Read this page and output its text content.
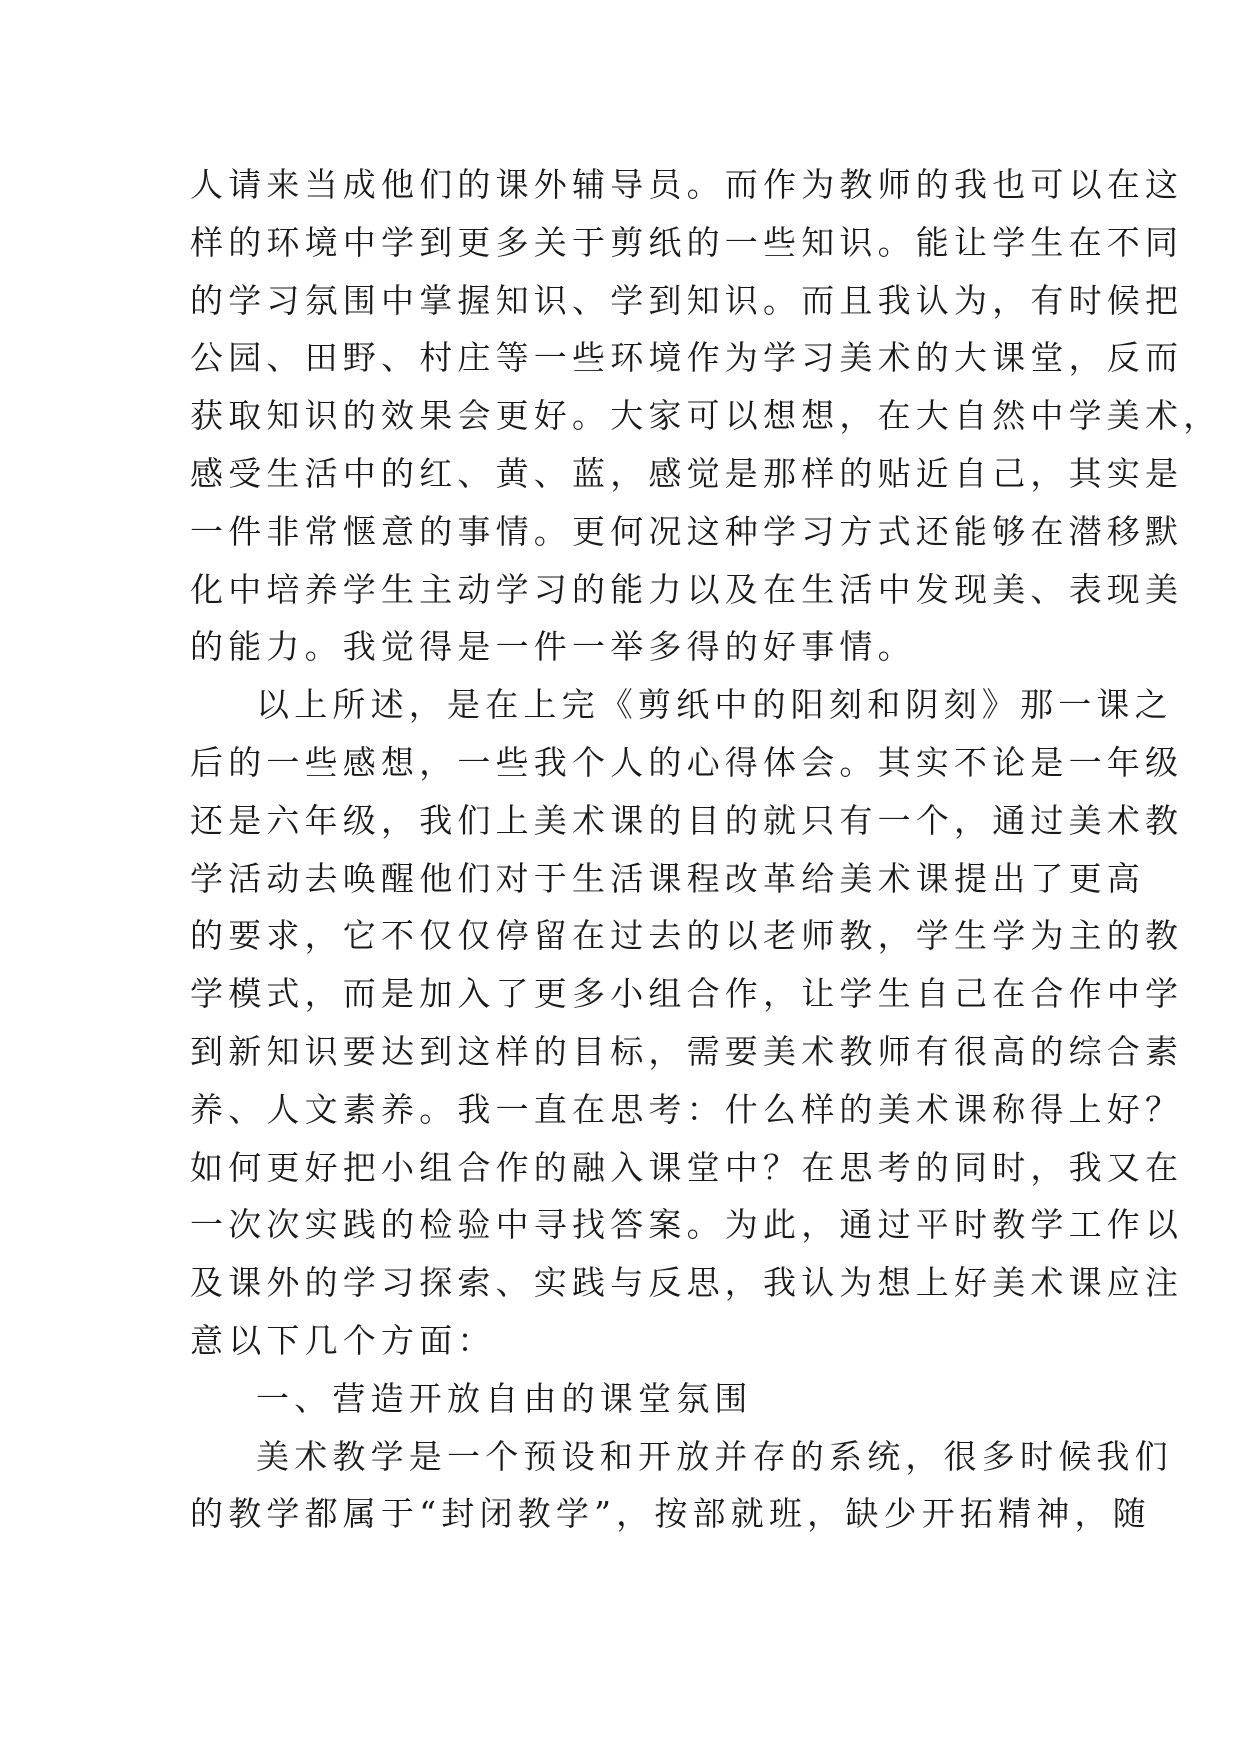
人请来当成他们的课外辅导员。而作为教师的我也可以在这
样的环境中学到更多关于剪纸的一些知识。能让学生在不同
的学习氛围中掌握知识、学到知识。而且我认为，有时候把
公园、田野、村庄等一些环境作为学习美术的大课堂，反而
获取知识的效果会更好。大家可以想想，在大自然中学美术，
感受生活中的红、黄、蓝，感觉是那样的贴近自己，其实是
一件非常惬意的事情。更何况这种学习方式还能够在潜移默
化中培养学生主动学习的能力以及在生活中发现美、表现美
的能力。我觉得是一件一举多得的好事情。
以上所述，是在上完《剪纸中的阳刻和阴刻》那一课之
后的一些感想，一些我个人的心得体会。其实不论是一年级
还是六年级，我们上美术课的目的就只有一个，通过美术教
学活动去唤醒他们对于生活课程改革给美术课提出了更高
的要求，它不仅仅停留在过去的以老师教，学生学为主的教
学模式，而是加入了更多小组合作，让学生自己在合作中学
到新知识要达到这样的目标，需要美术教师有很高的综合素
养、人文素养。我一直在思考：什么样的美术课称得上好？
如何更好把小组合作的融入课堂中？在思考的同时，我又在
一次次实践的检验中寻找答案。为此，通过平时教学工作以
及课外的学习探索、实践与反思，我认为想上好美术课应注
意以下几个方面：
一、营造开放自由的课堂氛围
美术教学是一个预设和开放并存的系统，很多时候我们
的教学都属于“封闭教学”，按部就班，缺少开拓精神，随
